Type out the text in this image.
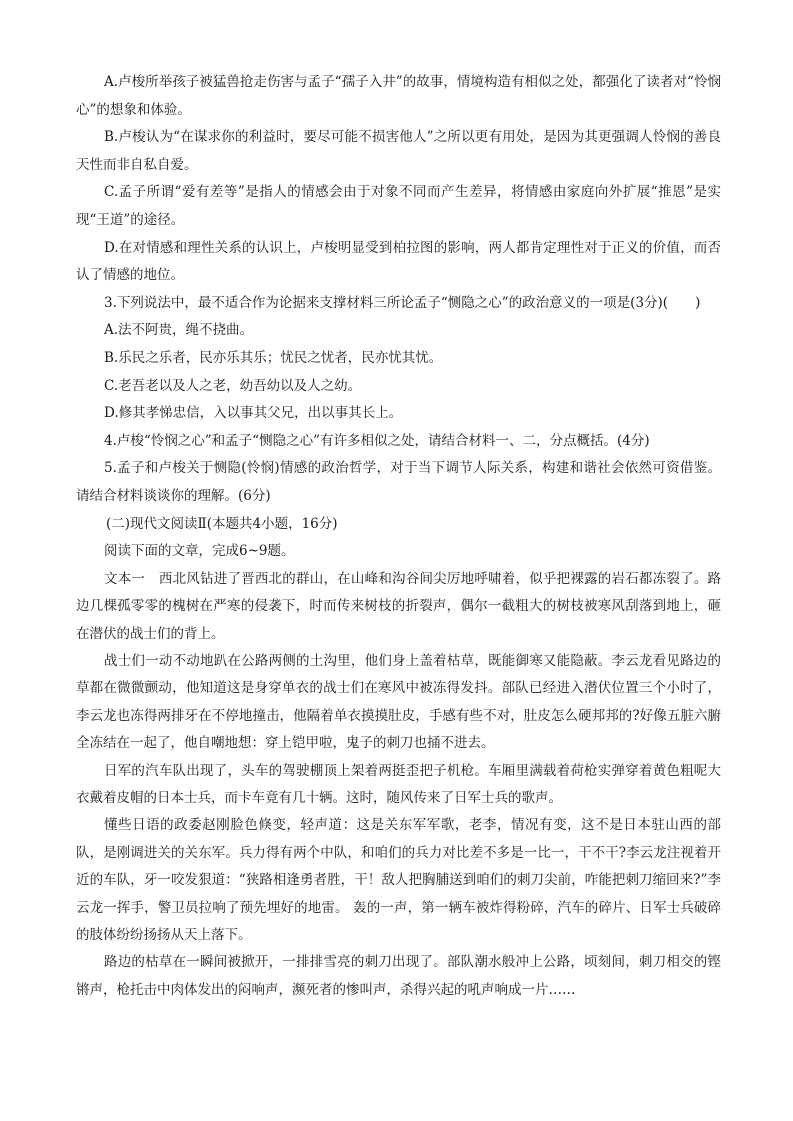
A.卢梭所举孩子被猛兽抢走伤害与孟子“孺子入井”的故事，情境构造有相似之处，都强化了读者对“怜悯心”的想象和体验。

B.卢梭认为“在谋求你的利益时，要尽可能不损害他人”之所以更有用处，是因为其更强调人怜悯的善良天性而非自私自爱。

C.孟子所谓“爱有差等”是指人的情感会由于对象不同而产生差异，将情感由家庭向外扩展“推恩”是实现“王道”的途径。

D.在对情感和理性关系的认识上，卢梭明显受到柏拉图的影响，两人都肯定理性对于正义的价值，而否认了情感的地位。

3.下列说法中，最不适合作为论据来支撑材料三所论孟子“恻隐之心”的政治意义的一项是(3分)(　　)

A.法不阿贵，绳不挠曲。

B.乐民之乐者，民亦乐其乐；忧民之忧者，民亦忧其忧。

C.老吾老以及人之老，幼吾幼以及人之幼。

D.修其孝悌忠信，入以事其父兄，出以事其长上。

4.卢梭“怜悯之心”和孟子“恻隐之心”有许多相似之处，请结合材料一、二，分点概括。(4分)

5.孟子和卢梭关于恻隐(怜悯)情感的政治哲学，对于当下调节人际关系，构建和谐社会依然可资借鉴。请结合材料谈谈你的理解。(6分)

(二)现代文阅读Ⅱ(本题共4小题，16分)

阅读下面的文章，完成6~9题。

文本一　西北风钻进了晋西北的群山，在山峰和沟谷间尖厉地呼啸着，似乎把裸露的岩石都冻裂了。路边几棵孤零零的槐树在严寒的侵袭下，时而传来树枝的折裂声，偶尔一截粗大的树枝被寒风刮落到地上，砸在潜伏的战士们的背上。

战士们一动不动地趴在公路两侧的土沟里，他们身上盖着枯草，既能御寒又能隐蔽。李云龙看见路边的草都在微微颤动，他知道这是身穿单衣的战士们在寒风中被冻得发抖。部队已经进入潜伏位置三个小时了，李云龙也冻得两排牙在不停地撞击，他隔着单衣摸摸肚皮，手感有些不对，肚皮怎么硬邦邦的?好像五脏六腑全冻结在一起了，他自嘲地想：穿上铠甲啦，鬼子的刺刀也捅不进去。

日军的汽车队出现了，头车的驾驶棚顶上架着两挺歪把子机枪。车厢里满载着荷枪实弹穿着黄色粗呢大衣戴着皮帽的日本士兵，而卡车竟有几十辆。这时，随风传来了日军士兵的歌声。

懂些日语的政委赵刚脸色倏变，轻声道：这是关东军军歌，老李，情况有变，这不是日本驻山西的部队，是刚调进关的关东军。兵力得有两个中队，和咱们的兵力对比差不多是一比一，干不干?李云龙注视着开近的车队，牙一咬发狠道：“狭路相逢勇者胜，干！敌人把胸脯送到咱们的刺刀尖前，咋能把刺刀缩回来?”李云龙一挥手，警卫员拉响了预先埋好的地雷。 轰的一声，第一辆车被炸得粉碎，汽车的碎片、日军士兵破碎的肢体纷纷扬扬从天上落下。

路边的枯草在一瞬间被掀开，一排排雪亮的刺刀出现了。部队潮水般冲上公路，顷刻间，刺刀相交的铿锵声，枪托击中肉体发出的闷响声，濒死者的惨叫声，杀得兴起的吼声响成一片……
